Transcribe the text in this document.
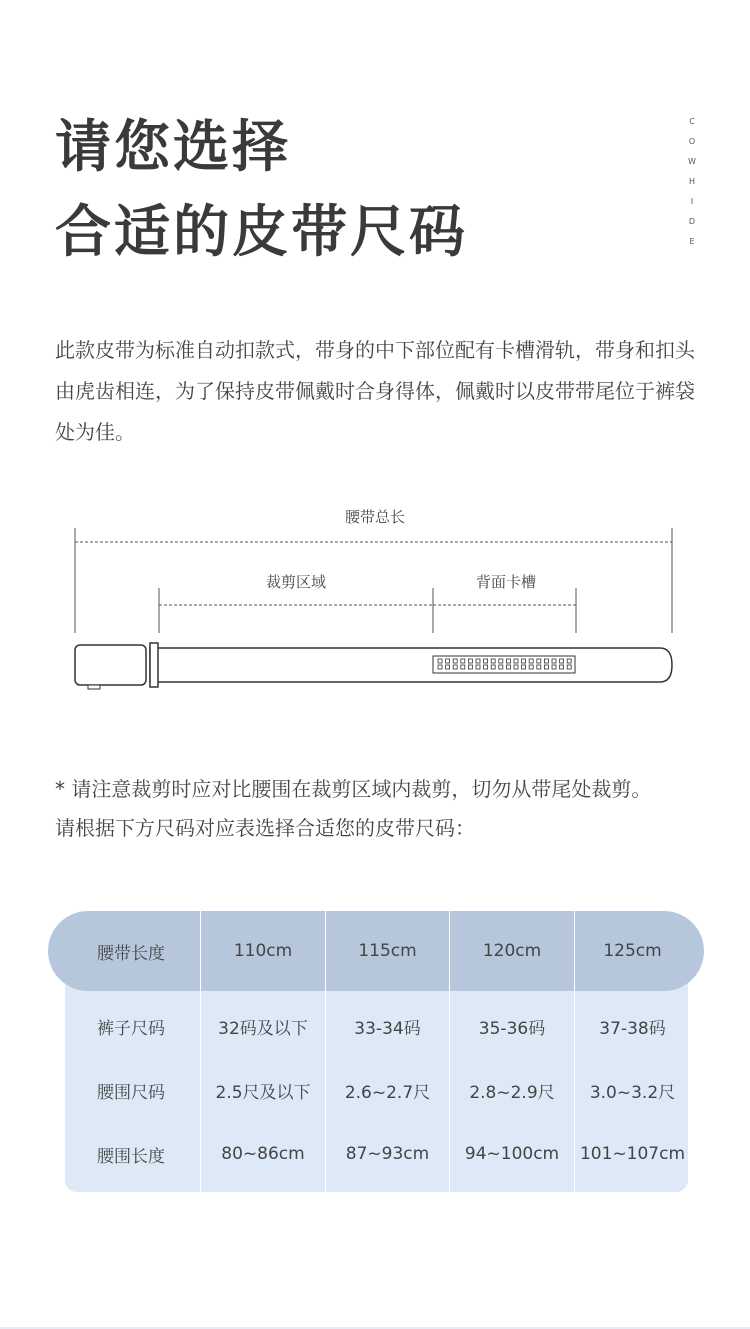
请您选择
合适的皮带尺码
C
O
W
H
I
D
E

此款皮带为标准自动扣款式，带身的中下部位配有卡槽滑轨，带身和扣头由虎齿相连，为了保持皮带佩戴时合身得体，佩戴时以皮带带尾位于裤袋处为佳。

腰带总长
裁剪区域	背面卡槽
* 请注意裁剪时应对比腰围在裁剪区域内裁剪，切勿从带尾处裁剪。
请根据下方尺码对应表选择合适您的皮带尺码：
腰带长度	110cm	115cm	120cm	125cm
裤子尺码	32码及以下	33-34码	35-36码	37-38码
腰围尺码	2.5尺及以下	2.6~2.7尺	2.8~2.9尺	3.0~3.2尺
腰围长度	80~86cm	87~93cm	94~100cm	101~107cm
